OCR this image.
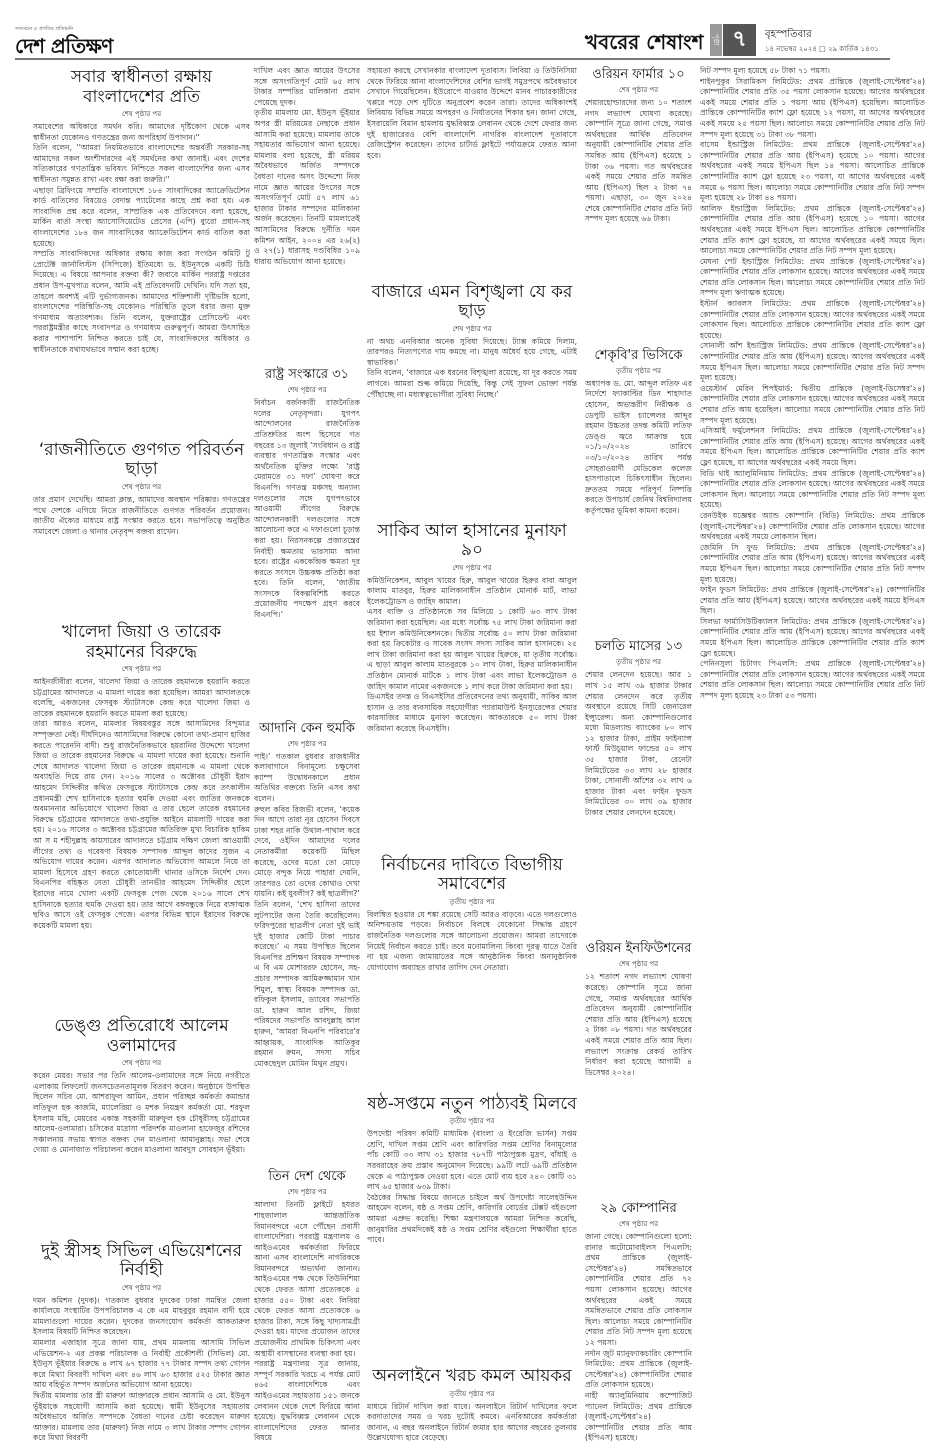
সত্যবচন ও প্রগতির প্রতিধ্বনি
দেশ প্রতিক্ষণ	খবরের শেষাংশ পৃষ্ঠা ৭	বৃহস্পতিবার
১৪ নভেম্বর ২০২৪ □ ২৯ কার্তিক ১৪৩১
সবার স্বাধীনতা রক্ষায় বাংলাদেশের প্রতি
শেষ পৃষ্ঠার পর

সমাবেশের অধিকারে সমর্থন করি। আমাদের দৃষ্টিকোণ থেকে এসব স্বাধীনতা যেকোনও গণতন্ত্রের জন্য অপরিহার্য উপাদান।''

তিনি বলেন, ''আমরা নিয়মিতভাবে বাংলাদেশের অন্তর্বর্তী সরকার-সহ আমাদের সকল অংশীদারদের এই সমর্থনের কথা জানাই। এবং দেশের সত্যিকারের গণতান্ত্রিক ভবিষ্যৎ নিশ্চিতে সকল বাংলাদেশির জন্য এসব স্বাধীনতা সমুন্নত রাখা এবং রক্ষা করা জরুরি।''

এছাড়া ব্রিফিংয়ে সম্প্রতি বাংলাদেশে ১৮৪ সাংবাদিকের অ্যাক্রেডিটেশন কার্ড বাতিলের বিষয়েও বেদান্ত প্যাটেলের কাছে প্রশ্ন করা হয়। এক সাংবাদিক প্রশ্ন করে বলেন, সাম্প্রতিক এক প্রতিবেদনে বলা হয়েছে, মার্কিন বার্তা সংস্থা অ্যাসোসিয়েটেড প্রেসের (এপি) ব্যুরো প্রধান-সহ বাংলাদেশের ১৮৪ জন সাংবাদিকের অ্যাক্রেডিটেশন কার্ড বাতিল করা হয়েছে।

সম্প্রতি সাংবাদিকদের অধিকার রক্ষায় কাজ করা সংগঠন কমিটি টু প্রোটেক্ট জার্নালিস্টস (সিপিজে) ইতিমধ্যে ড. ইউনূসকে একটি চিঠি দিয়েছে। এ বিষয়ে আপনার বক্তব্য কী? জবাবে মার্কিন পররাষ্ট্র দপ্তরের প্রধান উপ-মুখপাত্র বলেন, আমি এই প্রতিবেদনটি দেখিনি। যদি সত্য হয়, তাহলে অবশ্যই এটি দুর্ভাগ্যজনক। আমাদের শক্তিশালী দৃষ্টিভঙ্গি হলো, বাংলাদেশের পরিস্থিতি-সহ যেকোনও পরিস্থিতি তুলে ধরার জন্য মুক্ত গণমাধ্যম অত্যাবশ্যক। তিনি বলেন, যুক্তরাষ্ট্রের প্রেসিডেন্ট এবং পররাষ্ট্রমন্ত্রীর কাছে সংবাদপত্র ও গণমাধ্যম গুরুত্বপূর্ণ। আমরা উৎসাহিত করার পাশাপাশি নিশ্চিত করতে চাই যে, সাংবাদিকদের অধিকার ও স্বাধীনতাকে যথাযথভাবে সম্মান করা হচ্ছে।

‘রাজনীতিতে গুণগত পরিবর্তন ছাড়া
শেষ পৃষ্ঠার পর

তার প্রমাণ দেখেছি। আমরা ক্লান্ত, আমাদের অবস্থান পরিষ্কার। গণতন্ত্রের পথে দেশকে এগিয়ে নিতে রাজনীতিতে গুণগত পরিবর্তন প্রয়োজন। জাতীয় ঐক্যের মাধ্যমে রাষ্ট্র সংস্কার করতে হবে। সভাপতিত্বে অনুষ্ঠিত সমাবেশে জেলা ও থানার নেতৃবৃন্দ বক্তব্য রাখেন।

খালেদা জিয়া ও তারেক রহমানের বিরুদ্ধে
শেষ পৃষ্ঠার পর

আইনজীবীরা বলেন, খালেদা জিয়া ও তারেক রহমানকে হয়রানি করতে চট্টগ্রামের আদালতে এ মামলা দায়ের করা হয়েছিল। আমরা আদালতকে বলেছি, একজনের ফেসবুক স্ট্যাটাসকে কেন্দ্র করে খালেদা জিয়া ও তারেক রহমানকে হয়রানি করতে মামলা করা হয়েছে।

তারা আরও বলেন, মামলার বিষয়বস্তুর সঙ্গে আসামিদের বিন্দুমাত্র সম্পৃক্ততা নেই। দীর্ঘদিনেও আসামিদের বিরুদ্ধে কোনো তথ্য-প্রমাণ হাজির করতে পারেননি বাদী। শুধু রাজনৈতিকভাবে হয়রানির উদ্দেশ্যে খালেদা জিয়া ও তারেক রহমানের বিরুদ্ধে এ মামলা দায়ের করা হয়েছে। শুনানি শেষে আদালত খালেদা জিয়া ও তারেক রহমানকে এ মামলা থেকে অব্যাহতি দিয়ে রায় দেন। ২০১৬ সালের ৩ অক্টোবর চৌধুরী ইরাদ আহমেদ সিদ্দিকীর কথিত ফেসবুকে স্ট্যাটাসকে কেন্দ্র করে তৎকালীন প্রধানমন্ত্রী শেখ হাসিনাকে হত্যার হুমকি দেওয়া এবং জাতির জনককে অবমাননার অভিযোগে খালেদা জিয়া ও তার ছেলে তারেক রহমানের বিরুদ্ধে চট্টগ্রামের আদালতে তথ্য-প্রযুক্তি আইনে মামলাটি দায়ের করা হয়। ২০১৬ সালের ৩ অক্টোবর চট্টগ্রামের অতিরিক্ত মুখ্য বিচারিক হাকিম আ স ম শহীদুল্লাহ কায়সারের আদালতে চট্টগ্রাম দক্ষিণ জেলা আওয়ামী লীগের তথ্য ও গবেষণা বিষয়ক সম্পাদক আব্দুল কাদের সুজন এ অভিযোগ দায়ের করেন। এরপর আদালত অভিযোগ আমলে নিয়ে তা মামলা হিসেবে গ্রহণ করতে কোতোয়ালী থানার ওসিকে নির্দেশ দেন। বিএনপির বহিষ্কৃত নেতা চৌধুরী তানভীর আহমেদ সিদ্দিকীর ছেলে ইরাদের নামে খোলা একটি ফেসবুক পেজ থেকে ২০১৬ সালে শেখ হাসিনাকে হত্যার হুমকি দেওয়া হয়। তার আগে বঙ্গবন্ধুকে নিয়ে ব্যঙ্গাত্মক ছবিও আসে ওই ফেসবুক পেজে। এরপর বিভিন্ন স্থানে ইরাদের বিরুদ্ধে কয়েকটি মামলা হয়।

ডেঙ্গু প্রতিরোধে আলেম ওলামাদের
শেষ পৃষ্ঠার পর

করেন মেয়র। সভার পর তিনি আলেম-ওলামাদের সঙ্গে নিয়ে নগরীতে এলাকায় লিফলেট জনসচেতনতামূলক বিতরণ করেন। অনুষ্ঠানে উপস্থিত ছিলেন সচিব মো. আশরাফুল আমিন, প্রধান পরিচ্ছন্ন কর্মকর্তা কমান্ডার লতিফুল হক কাজমি, ম্যালেরিয়া ও মশক নিয়ন্ত্রণ কর্মকর্তা মো. শরফুল ইসলাম মহি, মেয়রের একান্ত সহকারী মারুফুল হক চৌধুরীসহ চট্টগ্রামের আলেম-ওলামারা। চসিকের মাদ্রাসা পরিদর্শক মাওলানা হাফেজুর রশিদের সঞ্চালনায় সভায় স্বাগত বক্তব্য দেন মাওলানা আমানুল্লাহ। সভা শেষে দোয়া ও মোনাজাত পরিচালনা করেন মাওলানা আবদুস সোবহান ভূঁইয়া।

দুই স্ত্রীসহ সিভিল এভিয়েশনের নির্বাহী
শেষ পৃষ্ঠার পর

দমন কমিশন (দুদক)। গতকাল বুধবার দুদকের ঢাকা সমন্বিত জেলা কার্যালয়ে সংস্থাটির উপপরিচালক এ কে এম মাহবুবুর রহমান বাদী হয়ে মামলাগুলো দায়ের করেন। দুদকের জনসংযোগ কর্মকর্তা আকতারুল ইসলাম বিষয়টি নিশ্চিত করেছেন।

মামলার এজাহার সূত্রে জানা যায়, প্রথম মামলায় আসামি সিভিল এভিয়েশন-২ এর প্রকল্প পরিচালক ও নির্বাহী প্রকৌশলী (সিভিল) মো. ইউনুস ভূঁইয়ার বিরুদ্ধে ৪ লাখ ৬৭ হাজার ৭৭ টাকার সম্পদ তথ্য গোপন করে মিথ্যা বিবরণী দাখিল এবং ৪৬ লাখ ৬৩ হাজার ৫২৫ টাকার জ্ঞাত আয় বহির্ভূত সম্পদ অর্জনের অভিযোগ আনা হয়েছে।

দ্বিতীয় মামলায় তার স্ত্রী মারুফা আক্তারকে প্রধান আসামি ও মো. ইউনুস ভূঁইয়াকে সহযোগী আসামি করা হয়েছে। স্বামী ইউনুসের সহায়তায় অবৈধভাবে অর্জিত সম্পদকে বৈধতা দানের চেষ্টা করেছেন মারুফা আক্তার। মামলায় তার (মারুফা) নিজ নামে ৩ লাখ টাকার সম্পদ গোপন করে মিথ্যা বিবরণী

দাখিল এবং জ্ঞাত আয়ের উৎসের সঙ্গে অসংগতিপূর্ণ মোট ৬৫ লাখ টাকার সম্পত্তির মালিকানা প্রমাণ পেয়েছে দুদক।

তৃতীয় মামলায় মো. ইউনুস ভূঁইয়ার অপর স্ত্রী মরিয়মের নেছাকে প্রধান আসামি করা হয়েছে। মামলায় তাকে সহায়তার অভিযোগ আনা হয়েছে। মামলায় বলা হয়েছে, স্ত্রী মরিয়ম অবৈধভাবে অর্জিত সম্পদকে বৈধতা দানের অসৎ উদ্দেশ্যে নিজ নামে জ্ঞাত আয়ের উৎসের সঙ্গে অসংগতিপূর্ণ মোট ৫৭ লাখ ৬১ হাজার টাকার সম্পদের মালিকানা অর্জন করেছেন। তিনটি মামলাতেই আসামিদের বিরুদ্ধে দুর্নীতি দমন কমিশন আইন, ২০০৪ এর ২৬(২) ও ২৭(১) ধারাসহ দণ্ডবিধির ১০৯ ধারায় অভিযোগ আনা হয়েছে।

রাষ্ট্র সংস্কারে ৩১
শেষ পৃষ্ঠার পর

নির্বাচন বর্জনকারী রাজনৈতিক দলের নেতৃবৃন্দরা। যুগপৎ আন্দোলনের রাজনৈতিক প্রতিশ্রুতির অংশ হিসেবে গত বছরের ১৩ জুলাই ‘সংবিধান ও রাষ্ট্র ব্যবস্থার গণতান্ত্রিক সংস্কার এবং অর্থনৈতিক মুক্তির লক্ষ্যে ‘রাষ্ট্র মেরামতে ৩১ দফা’ ঘোষণা করে বিএনপি। গণতন্ত্র মঞ্চসহ অন্যান্য দলগুলোর সঙ্গে যুগপৎভাবে আওয়ামী লীগের বিরুদ্ধে আন্দোলনকারী দলগুলোর সঙ্গে আলোচনা করে এ দফাগুলো চূড়ান্ত করা হয়। নিরসনকল্পে প্রজাতন্ত্রের নির্বাহী ক্ষমতায় ভারসাম্য আনা হবে। রাষ্ট্রের এককেন্দ্রিক ক্ষমতা দূর করতে সংসদে উচ্চকক্ষ প্রতিষ্ঠা করা হবে। তিনি বলেন, ‘জাতীয় সংসদকে বিকল্পবিশিষ্ট করতে প্রয়োজনীয় পদক্ষেপ গ্রহণ করবে বিএনপি।’

আদানি কেন হুমকি
শেষ পৃষ্ঠার পর

পাই।’ গতকাল বুধবার রাজধানীর কলাবাগানে বিনামূল্যে চক্ষুসেবা ক্যাম্প উদ্বোধনকালে প্রধান অতিথির বক্তব্যে তিনি এসব কথা বলেন।

রুহুল কবির রিজভী বলেন, ‘কয়েক দিন আগে তারা নূর হোসেন দিবসে ঢাকা শহর নাকি উথাল-পাথাল করে দেবে, ওইদিন আমাদের দলের নেতাকর্মীরা কয়েকটি মিছিল করেছে, ওদের মতো তো মোড়ে মোড়ে বন্দুক নিয়ে পাহারা দেয়নি, তারপরও তো ওদের কোথাও দেখা যায়নি। কই যুবলীগ? কই ছাত্রলীগ?’

তিনি বলেন, ‘শেখ হাসিনা তাদের লুটপাটের জন্য তৈরি করেছিলেন। ফরিদপুরের ছাত্রলীগ নেতা দুই ভাই দুই হাজার কোটি টাকা পাচার করেছে।’ এ সময় উপস্থিত ছিলেন বিএনপির প্রশিক্ষণ বিষয়ক সম্পাদক এ বি এম মোশাররফ হোসেন, সহ-প্রচার সম্পাদক আমিরুজ্জামান খান শিমুল, স্বাস্থ্য বিষয়ক সম্পাদক ডা. রফিকুল ইসলাম, ড্যাবের সভাপতি ডা. হারুন আল রশিদ, জিয়া পরিষদের সভাপতি আবদুল্লাহ আল হারুন, ‘আমরা বিএনপি পরিবারে’র আহ্বায়ক, সাংবাদিক আতিকুর রহমান রুমন, সদস্য সচিব মোকছেদুল মোমিন মিথুন প্রমুখ।

তিন দেশ থেকে
শেষ পৃষ্ঠার পর

আলাদা তিনটি ফ্লাইটে হযরত শাহজালাল আন্তর্জাতিক বিমানবন্দরে এসে পৌঁছেন প্রবাসী বাংলাদেশিরা। পররাষ্ট্র মন্ত্রণালয় ও আইওএমের কর্মকর্তারা ফিরিয়ে আনা এসব বাংলাদেশি নাগরিককে বিমানবন্দরে অভ্যর্থনা জানান। আইওএমের পক্ষ থেকে তিউনিশিয়া থেকে ফেরত আসা প্রত্যেককে ৫ হাজার ৫৫০ টাকা এবং লিবিয়া থেকে ফেরত আসা প্রত্যেককে ৬ হাজার টাকা, সঙ্গে কিছু খাদ্যসামগ্রী দেওয়া হয়। যাদের প্রয়োজন তাদের প্রয়োজনীয় প্রাথমিক চিকিৎসা এবং অস্থায়ী বাসস্থানের ব্যবস্থা করা হয়।

পররাষ্ট্র মন্ত্রণালয় সূত্র জানায়, সম্পূর্ণ সরকারি খরচে এ পর্যন্ত মোট ৪৬৫ বাংলাদেশিকে এবং আইওএমের সহায়তায় ১৫১ জনকে লেবানন থেকে দেশে ফিরিয়ে আনা হয়েছে। যুদ্ধবিধ্বস্ত লেবানন থেকে বাংলাদেশিদের ফেরত আনার বিষয়ে

সহায়তা করছে সেখানকার বাংলাদেশ দূতাবাস। লিবিয়া ও তিউনিসিয়া থেকে ফিরিয়ে আনা বাংলাদেশিদের বেশির ভাগই সমুদ্রপথে অবৈধভাবে সেখানে গিয়েছিলেন। ইউরোপে যাওয়ার উদ্দেশে মানব পাচারকারীদের খপ্পরে পড়ে দেশ দুটিতে অনুপ্রবেশ করেন তারা। তাদের অধিকাংশই লিবিয়ায় বিভিন্ন সময়ে অপহরণ ও নির্যাতনের শিকার হন। জানা গেছে, ইসরায়েলি বিমান হামলায় যুদ্ধবিধ্বস্ত লেবানন থেকে দেশে ফেরার জন্য দুই হাজারেরও বেশি বাংলাদেশি নাগরিক বাংলাদেশ দূতাবাসে রেজিস্ট্রেশন করেছেন। তাদের চার্টার্ড ফ্লাইটে পর্যায়ক্রমে ফেরত আনা হবে।

বাজারে এমন বিশৃঙ্খলা যে কর ছাড়
শেষ পৃষ্ঠার পর

না অথচ এনবিআর অনেক সুবিধা দিয়েছে। ট্যাক্স কমিয়ে দিলাম, তারপরও নিত্যপণ্যের দাম কমছে না। মানুষ অধৈর্য হয়ে গেছে, এটাই স্বাভাবিক।’

তিনি বলেন, ‘বাজারে এক ধরনের বিশৃঙ্খলা রয়েছে, যা দূর করতে সময় লাগবে। আমরা শুল্ক কমিয়ে দিয়েছি, কিন্তু সেই সুফল ভোক্তা পর্যন্ত পৌঁছাচ্ছে না। মধ্যস্বত্বভোগীরা সুবিধা নিচ্ছে।’

সাকিব আল হাসানের মুনাফা ৯০
শেষ পৃষ্ঠার পর

কমিউনিকেশন, আবুল খায়ের হিরু, আবুল খায়ের হিরুর বাবা আবুল কালাম মাতবুর, হিরুর মালিকানাধীন প্রতিষ্ঠান মোনার্ক মার্ট, লাভা ইলেকট্রোডস ও জাহিদ কামাল।

এসব ব্যক্তি ও প্রতিষ্ঠানকে সব মিলিয়ে ১ কোটি ৬৩ লাখ টাকা জরিমানা করা হয়েছিল। এর মধ্যে সর্বোচ্চ ৭৫ লাখ টাকা জরিমানা করা হয় ইশাল কমিউনিকেশনকে। দ্বিতীয় সর্বোচ্চ ৫০ লাখ টাকা জরিমানা করা হয় ক্রিকেটার ও সাবেক সংসদ সদস্য সাকিব আল হাসানকে। ২৫ লাখ টাকা জরিমানা করা হয় আবুল খায়ের হিরুকে, যা তৃতীয় সর্বোচ্চ। এ ছাড়া আবুল কালাম মাতবুরকে ১০ লাখ টাকা, হিরুর মালিকানাধীন প্রতিষ্ঠান মোনার্ক মার্টকে ১ লাখ টাকা এবং লাভা ইলেকট্রোডস ও জাহিদ কামাল নামের একজনকে ১ লাখ করে টাকা জরিমানা করা হয়।

ডিএসইর তদন্ত ও বিএসইসির প্রতিবেদনের তথ্য অনুযায়ী, সাকিব আল হাসান ও তার ব্যবসায়িক সহযোগীরা প্যারামাউন্ট ইনস্যুরেন্সের শেয়ার কারসাজির মাধ্যমে মুনাফা করেছেন। আকতারকে ৫০ লাখ টাকা জরিমানা করেছে বিএসইসি।

নির্বাচনের দাবিতে বিভাগীয় সমাবেশের
তৃতীয় পৃষ্ঠার পর

বিলম্বিত হওয়ার যে শঙ্কা রয়েছে সেটি আরও বাড়বে। এতে দলগুলোও অনিশ্চয়তায় পড়বে। নির্বাচনে বিলম্বে যেকোনো সিদ্ধান্ত গ্রহণে রাজনৈতিক দলগুলোর সঙ্গে আলোচনা প্রয়োজন। আমরা তাদেরকে নিয়েই নির্বাচন করতে চাই। তবে মনোমালিন্য কিংবা দূরত্ব যাতে তৈরি না হয় এজন্য জামায়াতের সঙ্গে আনুষ্ঠানিক কিংবা অনানুষ্ঠানিক যোগাযোগ অব্যাহত রাখার তাগিদ দেন নেতারা।

ষষ্ঠ-সপ্তমে নতুন পাঠ্যবই মিলবে
তৃতীয় পৃষ্ঠার পর

উপদেষ্টা পরিষদ কমিটি মাধ্যমিক (বাংলা ও ইংরেজি ভার্সন) সপ্তম শ্রেণি, দাখিল সপ্তম শ্রেণি এবং কারিগরির সপ্তম শ্রেণির বিনামূল্যের পাঁচ কোটি ৩৩ লাখ ৩১ হাজার ৭৮৭টি পাঠ্যপুস্তক মুদ্রণ, বাঁধাই ও সরবরাহের ক্রয় প্রস্তাব অনুমোদন দিয়েছে। ৯৯টি লটে ৬৯টি প্রতিষ্ঠান থেকে এ পাঠ্যপুস্তক নেওয়া হবে। এতে মোট ব্যয় হবে ২৪০ কোটি ৩১ লাখ ৬৫ হাজার ৬৩৯ টাকা।

বৈঠকের সিদ্ধান্ত বিষয়ে জানতে চাইলে অর্থ উপদেষ্টা সালেহউদ্দিন আহমেদ বলেন, ষষ্ঠ ও সপ্তম শ্রেণি, কারিগরি বোর্ডের টেক্সট বইগুলো আমরা এপ্রুভ করেছি। শিক্ষা মন্ত্রণালয়কে আমরা নিশ্চিত করেছি, জানুয়ারির প্রথমদিকেই ষষ্ঠ ও সপ্তম শ্রেণির বইগুলো শিক্ষার্থীরা হাতে পাবে।

অনলাইনে খরচ কমল আয়কর
তৃতীয় পৃষ্ঠার পর

মাধ্যমে রিটার্ন দাখিল করা যাবে। অনলাইনে রিটার্ন দাখিলের ফলে করদাতাদের সময় ও খরচ দুটোই কমবে। এনবিআরের কর্মকর্তারা জানান, এ বছর অনলাইনে রিটার্ন জমার হার আগের বছরের তুলনায় উল্লেখযোগ্য হারে বেড়েছে।

ওরিয়ন ফার্মার ১০
শেষ পৃষ্ঠার পর

শেয়ারহোল্ডারদের জন্য ১০ শতাংশ নগদ লভ্যাংশ ঘোষণা করেছে। কোম্পানি সূত্রে জানা গেছে, সমাপ্ত অর্থবছরের আর্থিক প্রতিবেদন অনুযায়ী কোম্পানিটির শেয়ার প্রতি সমন্বিত আয় (ইপিএস) হয়েছে ১ টাকা ৩৬ পয়সা। গত অর্থবছরের একই সময়ে শেয়ার প্রতি সমন্বিত আয় (ইপিএস) ছিল ২ টাকা ৭৪ পয়সা। এছাড়া, ৩০ জুন ২০২৪ শেষে কোম্পানিটির শেয়ার প্রতি নিট সম্পদ মূল্য হয়েছে ৬৬ টাকা।

শেকৃবি'র ভিসিকে
তৃতীয় পৃষ্ঠার পর

অধ্যাপক ড. মো. আব্দুল লতিফ এর নির্দেশে ফ্যাকাল্টির ডিন শাহাদাত হোসেন, অভ্যন্তরীণ নিরীক্ষক ও ডেপুটি ভাইস চ্যান্সেলর আব্দুর রহমান উচ্চতর তদন্ত কমিটি লতিফ ডেঙ্গু জ্বরে আক্রান্ত হয়ে ০১/১০/২০২৪ তারিখে ০৩/১০/২০২৪ তারিখ পর্যন্ত সোহরাওয়ার্দী মেডিকেল কলেজ হাসপাতালে চিকিৎসাধীন ছিলেন। দ্রুততম সময়ে পরিপূর্ণ নিষ্পত্তি করতে উপাচার্য জেনিথ বিশ্ববিদ্যালয় কর্তৃপক্ষের ভূমিকা কামনা করেন।

চলতি মাসের ১৩
তৃতীয় পৃষ্ঠার পর

শেয়ার লেনদেন হয়েছে। আর ১ লাখ ১৫ লাখ ৩৯ হাজার টাকার শেয়ার লেনদেন করে তৃতীয় অবস্থানে রয়েছে সিটি জেনারেল ইন্স্যুরেন্স। অন্য কোম্পানিগুলোর মধ্যে মিডল্যান্ড ব্যাংকের ৮০ লাখ ১২ হাজার টাকা, প্রাইম ফাইন্যান্স ফার্স্ট মিউচুয়াল ফান্ডের ৫০ লাখ ৩৫ হাজার টাকা, রেনেটা লিমিটেডের ৩৩ লাখ ২৮ হাজার টাকা, সোনালী আঁশের ৩২ লাখ ৬ হাজার টাকা এবং ফাইন ফুডস লিমিটেডের ৩০ লাখ ৩৯ হাজার টাকার শেয়ার লেনদেন হয়েছে।

ওরিয়ন ইনফিউশনের
শেষ পৃষ্ঠার পর

১২ শতাংশ নগদ লভ্যাংশ ঘোষণা করেছে। কোম্পানি সূত্রে জানা গেছে, সমাপ্ত অর্থবছরের আর্থিক প্রতিবেদন অনুযায়ী কোম্পানিটির শেয়ার প্রতি আয় (ইপিএস) হয়েছে ২ টাকা ০৮ পয়সা। গত অর্থবছরের একই সময়ে শেয়ার প্রতি আয় ছিল। লভ্যাংশ সংক্রান্ত রেকর্ড তারিখ নির্ধারণ করা হয়েছে আগামী ৪ ডিসেম্বর ২০২৪।

২৯ কোম্পানির
শেষ পৃষ্ঠার পর

জানা গেছে। কোম্পানিগুলো হলো: রানার অটোমোবাইলস পিএলসি: প্রথম প্রান্তিকে (জুলাই-সেপ্টেম্বর'২৪) সমন্বিতভাবে কোম্পানিটির শেয়ার প্রতি ৭২ পয়সা লোকসান হয়েছে। আগের অর্থবছরের একই সময়ে সমন্বিতভাবে শেয়ার প্রতি লোকসান ছিল। আলোচ্য সময়ে কোম্পানিটির শেয়ার প্রতি নিট সম্পদ মূল্য হয়েছে ১২ পয়সা।

নর্দান জুট ম্যানুফ্যাকচারিং কোম্পানি লিমিটেড: প্রথম প্রান্তিকে (জুলাই-সেপ্টেম্বর'২৪) কোম্পানিটির শেয়ার প্রতি লোকসান হয়েছে।

নাহী অ্যালুমিনিয়াম কম্পোজিট প্যানেল লিমিটেড: প্রথম প্রান্তিকে (জুলাই-সেপ্টেম্বর'২৪) কোম্পানিটির শেয়ার প্রতি আয় (ইপিএস) হয়েছে।

নিট সম্পদ মূল্য হয়েছে ৫৮ টাকা ৭১ পয়সা।

শাইনপুকুর সিরামিকস লিমিটেড: প্রথম প্রান্তিকে (জুলাই-সেপ্টেম্বর'২৪) কোম্পানিটির শেয়ার প্রতি ৩৫ পয়সা লোকসান হয়েছে। আগের অর্থবছরের একই সময়ে শেয়ার প্রতি ১ পয়সা আয় (ইপিএস) হয়েছিল। আলোচিত প্রান্তিকে কোম্পানিটির ক্যাশ ফ্লো হয়েছে ১২ পয়সা, যা আগের অর্থবছরের একই সময়ে ২৫ পয়সা ছিল। আলোচ্য সময়ে কোম্পানিটির শেয়ার প্রতি নিট সম্পদ মূল্য হয়েছে ৩১ টাকা ৩৮ পয়সা।

বাসেম ইন্ডাস্ট্রিজ লিমিটেড: প্রথম প্রান্তিকে (জুলাই-সেপ্টেম্বর'২৪) কোম্পানিটির শেয়ার প্রতি আয় (ইপিএস) হয়েছে ১০ পয়সা। আগের অর্থবছরের একই সময়ে ইপিএস ছিল ১৪ পয়সা। আলোচিত প্রান্তিকে কোম্পানিটির ক্যাশ ফ্লো হয়েছে ২৩ পয়সা, যা আগের অর্থবছরের একই সময়ে ৬ পয়সা ছিল। আলোচ্য সময়ে কোম্পানিটির শেয়ার প্রতি নিট সম্পদ মূল্য হয়েছে ২৮ টাকা ৪৪ পয়সা।

আলিফ ইন্ডাস্ট্রিজ লিমিটেড: প্রথম প্রান্তিকে (জুলাই-সেপ্টেম্বর'২৪) কোম্পানিটির শেয়ার প্রতি আয় (ইপিএস) হয়েছে ১০ পয়সা। আগের অর্থবছরের একই সময়ে ইপিএস ছিল। আলোচিত প্রান্তিকে কোম্পানিটির শেয়ার প্রতি ক্যাশ ফ্লো হয়েছে, যা আগের অর্থবছরের একই সময়ে ছিল। আলোচ্য সময়ে কোম্পানিটির শেয়ার প্রতি নিট সম্পদ মূল্য হয়েছে।

মেঘনা পেট ইন্ডাস্ট্রিজ লিমিটেড: প্রথম প্রান্তিকে (জুলাই-সেপ্টেম্বর'২৪) কোম্পানিটির শেয়ার প্রতি লোকসান হয়েছে। আগের অর্থবছরের একই সময়ে শেয়ার প্রতি লোকসান ছিল। আলোচ্য সময়ে কোম্পানিটির শেয়ার প্রতি নিট সম্পদ মূল্য ঋণাত্মক হয়েছে।

ইস্টার্ন ক্যাবলস লিমিটেড: প্রথম প্রান্তিকে (জুলাই-সেপ্টেম্বর'২৪) কোম্পানিটির শেয়ার প্রতি লোকসান হয়েছে। আগের অর্থবছরের একই সময়ে লোকসান ছিল। আলোচিত প্রান্তিকে কোম্পানিটির শেয়ার প্রতি ক্যাশ ফ্লো হয়েছে।

সোনালী আঁশ ইন্ডাস্ট্রিজ লিমিটেড: প্রথম প্রান্তিকে (জুলাই-সেপ্টেম্বর'২৪) কোম্পানিটির শেয়ার প্রতি আয় (ইপিএস) হয়েছে। আগের অর্থবছরের একই সময়ে ইপিএস ছিল। আলোচ্য সময়ে কোম্পানিটির শেয়ার প্রতি নিট সম্পদ মূল্য হয়েছে।

ওয়েস্টার্ন মেরিন শিপইয়ার্ড: দ্বিতীয় প্রান্তিকে (জুলাই-ডিসেম্বর'২৪) কোম্পানিটির শেয়ার প্রতি লোকসান হয়েছে। আগের অর্থবছরের একই সময়ে শেয়ার প্রতি আয় হয়েছিল। আলোচ্য সময়ে কোম্পানিটির শেয়ার প্রতি নিট সম্পদ মূল্য হয়েছে।

এসিআই ফর্মুলেশনস লিমিটেড: প্রথম প্রান্তিকে (জুলাই-সেপ্টেম্বর'২৪) কোম্পানিটির শেয়ার প্রতি আয় (ইপিএস) হয়েছে। আগের অর্থবছরের একই সময়ে ইপিএস ছিল। আলোচিত প্রান্তিকে কোম্পানিটির শেয়ার প্রতি ক্যাশ ফ্লো হয়েছে, যা আগের অর্থবছরের একই সময়ে ছিল।

বিডি থাই অ্যালুমিনিয়াম লিমিটেড: প্রথম প্রান্তিকে (জুলাই-সেপ্টেম্বর'২৪) কোম্পানিটির শেয়ার প্রতি লোকসান হয়েছে। আগের অর্থবছরের একই সময়ে লোকসান ছিল। আলোচ্য সময়ে কোম্পানিটির শেয়ার প্রতি নিট সম্পদ মূল্য হয়েছে।

রেনউইক যজ্ঞেশ্বর অ্যান্ড কোম্পানি (বিডি) লিমিটেড: প্রথম প্রান্তিকে (জুলাই-সেপ্টেম্বর'২৪) কোম্পানিটির শেয়ার প্রতি লোকসান হয়েছে। আগের অর্থবছরের একই সময়ে লোকসান ছিল।

জেমিনি সি ফুড লিমিটেড: প্রথম প্রান্তিকে (জুলাই-সেপ্টেম্বর'২৪) কোম্পানিটির শেয়ার প্রতি আয় (ইপিএস) হয়েছে। আগের অর্থবছরের একই সময়ে ইপিএস ছিল। আলোচ্য সময়ে কোম্পানিটির শেয়ার প্রতি নিট সম্পদ মূল্য হয়েছে।

ফাইন ফুডস লিমিটেড: প্রথম প্রান্তিকে (জুলাই-সেপ্টেম্বর'২৪) কোম্পানিটির শেয়ার প্রতি আয় (ইপিএস) হয়েছে। আগের অর্থবছরের একই সময়ে ইপিএস ছিল।

সিলভা ফার্মাসিউটিক্যালস লিমিটেড: প্রথম প্রান্তিকে (জুলাই-সেপ্টেম্বর'২৪) কোম্পানিটির শেয়ার প্রতি আয় (ইপিএস) হয়েছে। আগের অর্থবছরের একই সময়ে ইপিএস ছিল। আলোচিত প্রান্তিকে কোম্পানিটির শেয়ার প্রতি ক্যাশ ফ্লো হয়েছে।

পেনিনসুলা চিটাগং পিএলসি: প্রথম প্রান্তিকে (জুলাই-সেপ্টেম্বর'২৪) কোম্পানিটির শেয়ার প্রতি লোকসান হয়েছে। আগের অর্থবছরের একই সময়ে শেয়ার প্রতি লোকসান ছিল। আলোচ্য সময়ে কোম্পানিটির শেয়ার প্রতি নিট সম্পদ মূল্য হয়েছে ২৩ টাকা ৫৩ পয়সা।
